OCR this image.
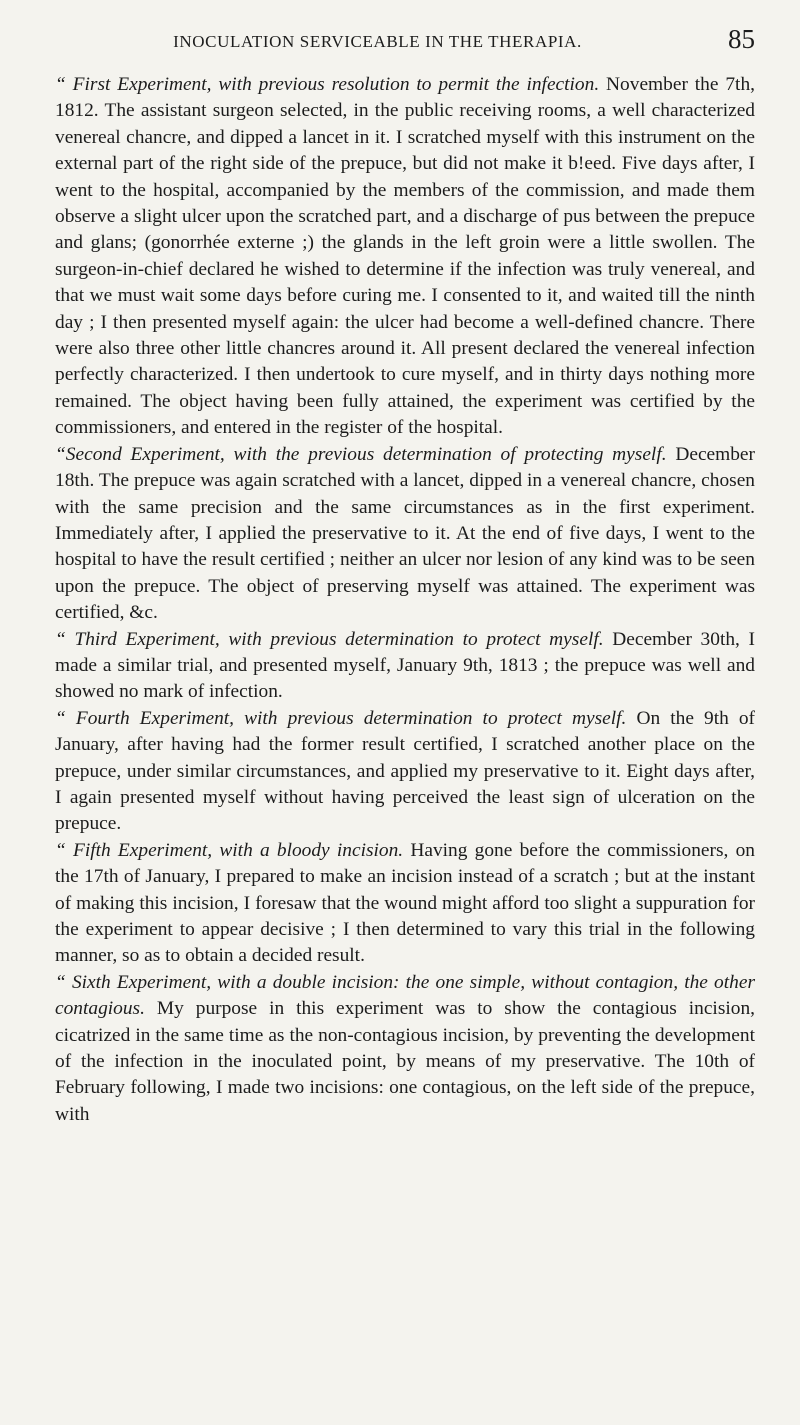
INOCULATION SERVICEABLE IN THE THERAPIA.	85

“ First Experiment, with previous resolution to permit the infection. November the 7th, 1812. The assistant surgeon selected, in the public receiving rooms, a well characterized venereal chancre, and dipped a lancet in it. I scratched myself with this instrument on the external part of the right side of the prepuce, but did not make it b!eed. Five days after, I went to the hospital, accompanied by the members of the commission, and made them observe a slight ulcer upon the scratched part, and a discharge of pus between the prepuce and glans; (gonorrhée externe ;) the glands in the left groin were a little swollen. The surgeon-in-chief declared he wished to determine if the infection was truly venereal, and that we must wait some days before curing me. I consented to it, and waited till the ninth day ; I then presented myself again: the ulcer had become a well-defined chancre. There were also three other little chancres around it. All present declared the venereal infection perfectly characterized. I then undertook to cure myself, and in thirty days nothing more remained. The object having been fully attained, the experiment was certified by the commissioners, and entered in the register of the hospital.

“Second Experiment, with the previous determination of protecting myself. December 18th. The prepuce was again scratched with a lancet, dipped in a venereal chancre, chosen with the same precision and the same circumstances as in the first experiment. Immediately after, I applied the preservative to it. At the end of five days, I went to the hospital to have the result certified ; neither an ulcer nor lesion of any kind was to be seen upon the prepuce. The object of preserving myself was attained. The experiment was certified, &c.

“ Third Experiment, with previous determination to protect myself. December 30th, I made a similar trial, and presented myself, January 9th, 1813 ; the prepuce was well and showed no mark of infection.

“ Fourth Experiment, with previous determination to protect myself. On the 9th of January, after having had the former result certified, I scratched another place on the prepuce, under similar circumstances, and applied my preservative to it. Eight days after, I again presented myself without having perceived the least sign of ulceration on the prepuce.

“ Fifth Experiment, with a bloody incision. Having gone before the commissioners, on the 17th of January, I prepared to make an incision instead of a scratch ; but at the instant of making this incision, I foresaw that the wound might afford too slight a suppuration for the experiment to appear decisive ; I then determined to vary this trial in the following manner, so as to obtain a decided result.

“ Sixth Experiment, with a double incision: the one simple, without contagion, the other contagious. My purpose in this experiment was to show the contagious incision, cicatrized in the same time as the non-contagious incision, by preventing the development of the infection in the inoculated point, by means of my preservative. The 10th of February following, I made two incisions: one contagious, on the left side of the prepuce, with
